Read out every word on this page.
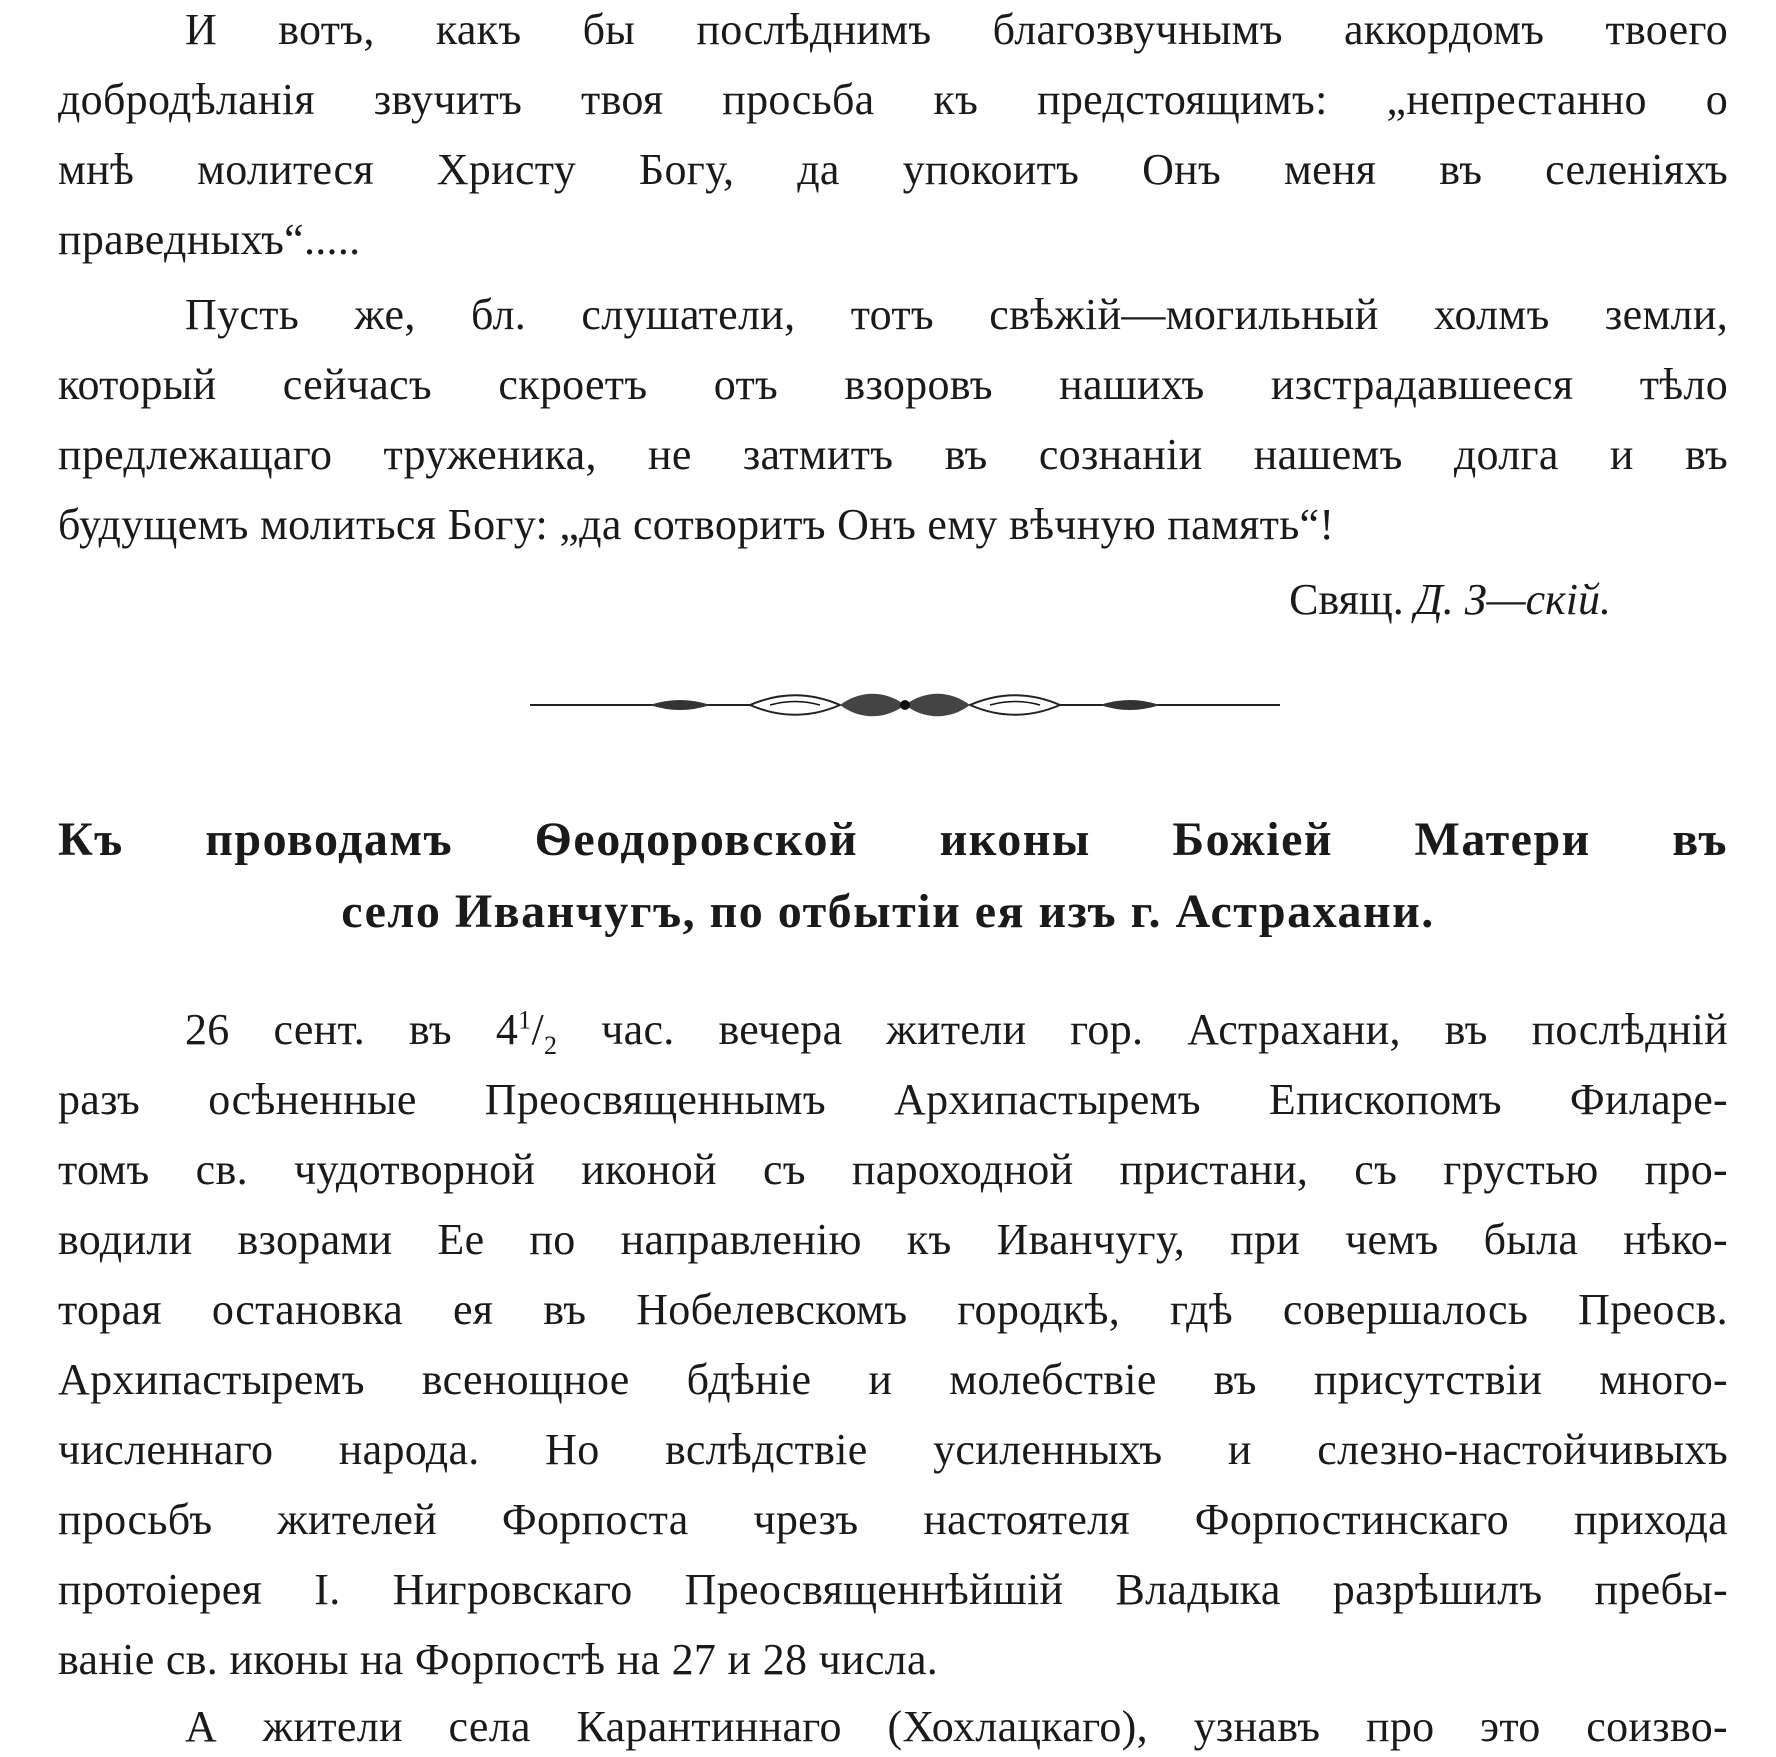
И вотъ, какъ бы послѣднимъ благозвучнымъ аккордомъ твоего
добродѣланія звучитъ твоя просьба къ предстоящимъ: „непрестанно о
мнѣ молитеся Христу Богу, да упокоитъ Онъ меня въ селеніяхъ
праведныхъ“.....
Пусть же, бл. слушатели, тотъ свѣжій—могильный холмъ земли,
который сейчасъ скроетъ отъ взоровъ нашихъ изстрадавшееся тѣло
предлежащаго труженика, не затмитъ въ сознаніи нашемъ долга и въ
будущемъ молиться Богу: „да сотворитъ Онъ ему вѣчную память“!
Свящ. Д. З—скій.
Къ проводамъ Ѳеодоровской иконы Божіей Матери въ
село Иванчугъ, по отбытіи ея изъ г. Астрахани.
26 сент. въ $4^1/_2$ час. вечера жители гор. Астрахани, въ послѣдній
разъ осѣненные Преосвященнымъ Архипастыремъ Епископомъ Филаре-
томъ св. чудотворной иконой съ пароходной пристани, съ грустью про-
водили взорами Ее по направленію къ Иванчугу, при чемъ была нѣко-
торая остановка ея въ Нобелевскомъ городкѣ, гдѣ совершалось Преосв.
Архипастыремъ всенощное бдѣніе и молебствіе въ присутствіи много-
численнаго народа. Но вслѣдствіе усиленныхъ и слезно-настойчивыхъ
просьбъ жителей Форпоста чрезъ настоятеля Форпостинскаго прихода
протоіерея І. Нигровскаго Преосвященнѣйшій Владыка разрѣшилъ пребы-
ваніе св. иконы на Форпостѣ на 27 и 28 числа.
А жители села Карантиннаго (Хохлацкаго), узнавъ про это соизво-
